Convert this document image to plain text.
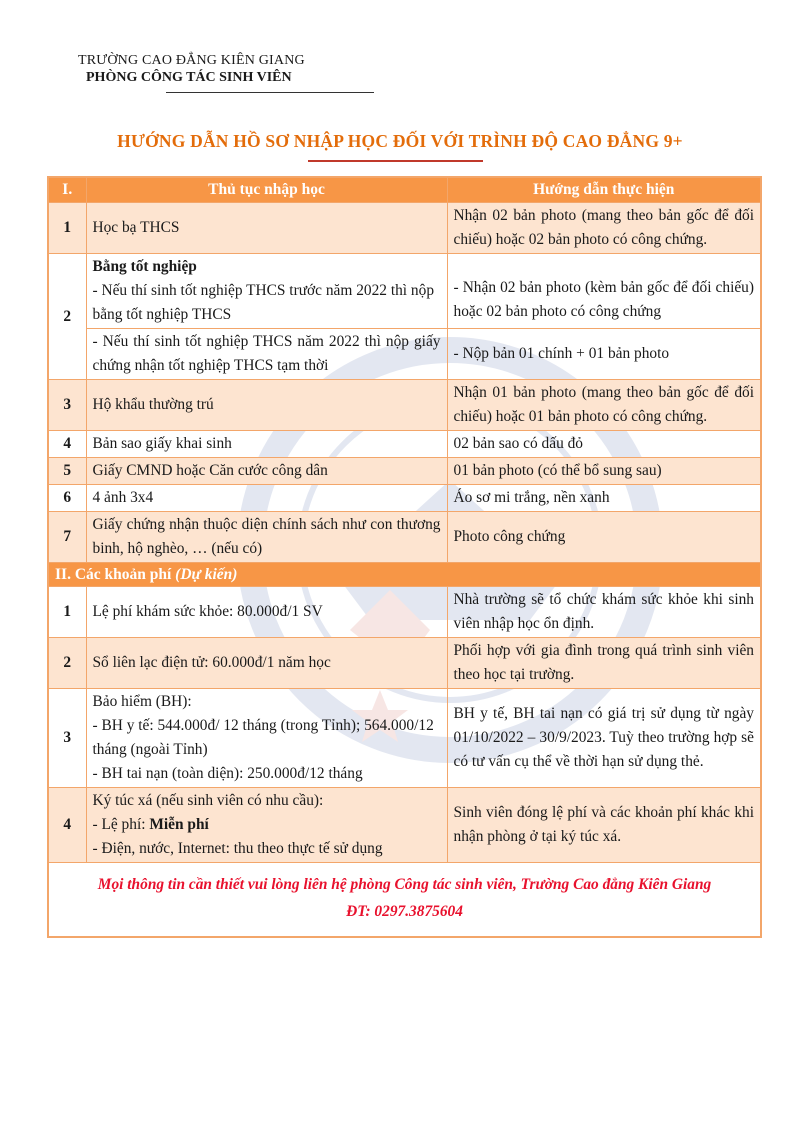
TRƯỜNG CAO ĐẲNG KIÊN GIANG
PHÒNG CÔNG TÁC SINH VIÊN
HƯỚNG DẪN HỒ SƠ NHẬP HỌC ĐỐI VỚI TRÌNH ĐỘ CAO ĐẲNG 9+
I.	Thủ tục nhập học	Hướng dẫn thực hiện
1	Học bạ THCS	Nhận 02 bản photo (mang theo bản gốc để đối chiếu) hoặc 02 bản photo có công chứng.
2	Bằng tốt nghiệp
- Nếu thí sinh tốt nghiệp THCS trước năm 2022 thì nộp bằng tốt nghiệp THCS	- Nhận 02 bản photo (kèm bản gốc để đối chiếu) hoặc 02 bản photo có công chứng
	- Nếu thí sinh tốt nghiệp THCS năm 2022 thì nộp giấy chứng nhận tốt nghiệp THCS tạm thời	- Nộp bản 01 chính + 01 bản photo
3	Hộ khẩu thường trú	Nhận 01 bản photo (mang theo bản gốc để đối chiếu) hoặc 01 bản photo có công chứng.
4	Bản sao giấy khai sinh	02 bản sao có dấu đỏ
5	Giấy CMND hoặc Căn cước công dân	01 bản photo (có thể bổ sung sau)
6	4 ảnh 3x4	Áo sơ mi trắng, nền xanh
7	Giấy chứng nhận thuộc diện chính sách như con thương binh, hộ nghèo, … (nếu có)	Photo công chứng
II. Các khoản phí (Dự kiến)		
1	Lệ phí khám sức khỏe: 80.000đ/1 SV	Nhà trường sẽ tổ chức khám sức khỏe khi sinh viên nhập học ổn định.
2	Sổ liên lạc điện tử: 60.000đ/1 năm học	Phối hợp với gia đình trong quá trình sinh viên theo học tại trường.
3	Bảo hiểm (BH):
- BH y tế: 544.000đ/ 12 tháng (trong Tỉnh); 564.000/12 tháng (ngoài Tỉnh)
- BH tai nạn (toàn diện): 250.000đ/12 tháng	BH y tế, BH tai nạn có giá trị sử dụng từ ngày 01/10/2022 – 30/9/2023. Tuỳ theo trường hợp sẽ có tư vấn cụ thể về thời hạn sử dụng thẻ.
4	Ký túc xá (nếu sinh viên có nhu cầu):
- Lệ phí: Miễn phí
- Điện, nước, Internet: thu theo thực tế sử dụng	Sinh viên đóng lệ phí và các khoản phí khác khi nhận phòng ở tại ký túc xá.

Mọi thông tin cần thiết vui lòng liên hệ phòng Công tác sinh viên, Trường Cao đẳng Kiên Giang
ĐT: 0297.3875604		
